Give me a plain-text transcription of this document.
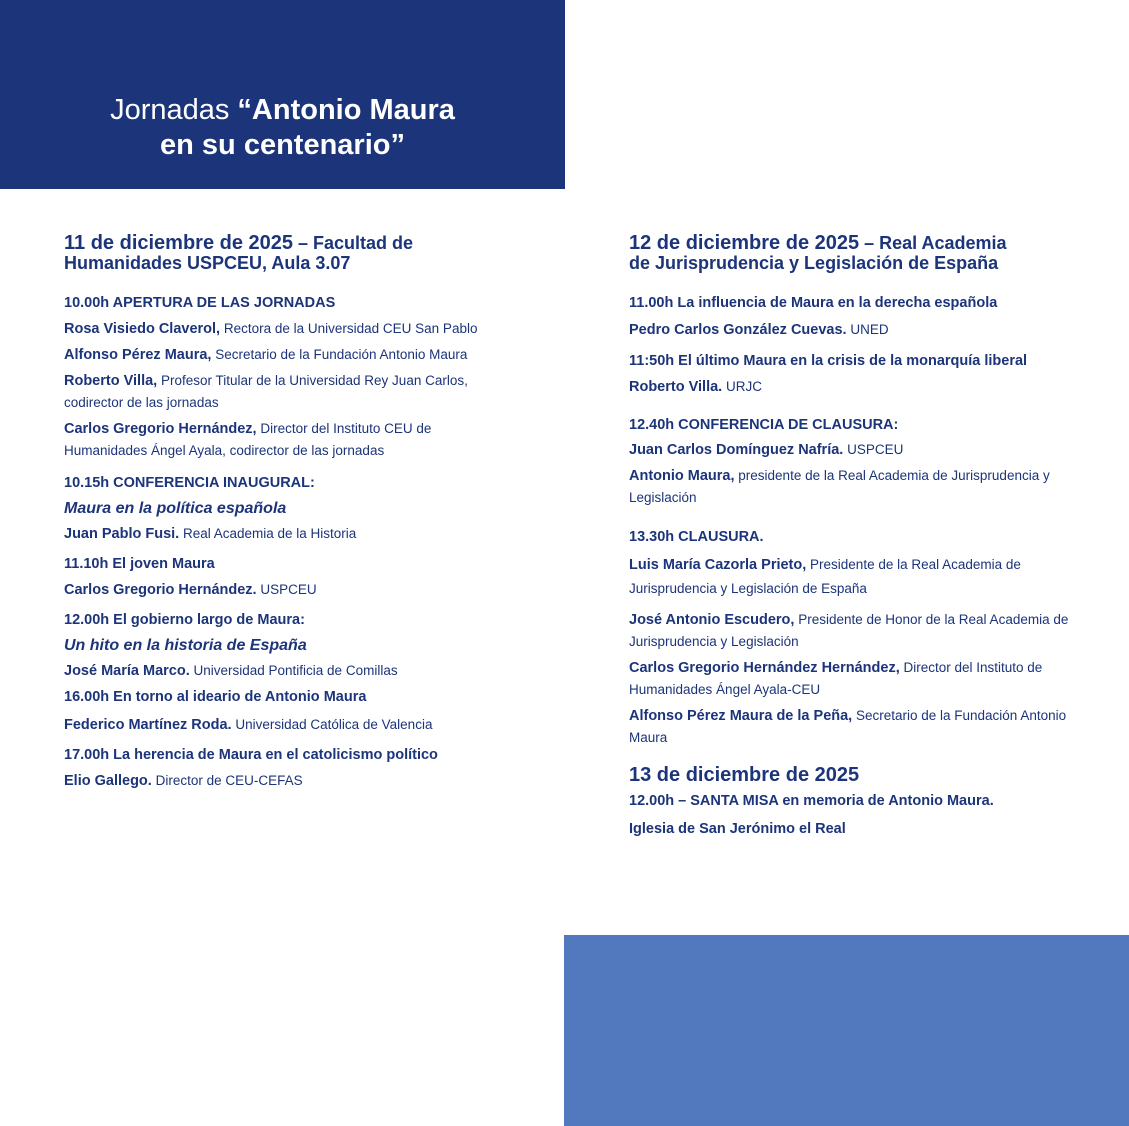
Jornadas “Antonio Maura
en su centenario”
11 de diciembre de 2025 – Facultad de
Humanidades USPCEU, Aula 3.07
10.00h APERTURA DE LAS JORNADAS
Rosa Visiedo Claverol, Rectora de la Universidad CEU San Pablo
Alfonso Pérez Maura, Secretario de la Fundación Antonio Maura
Roberto Villa, Profesor Titular de la Universidad Rey Juan Carlos, codirector de las jornadas
Carlos Gregorio Hernández, Director del Instituto CEU de Humanidades Ángel Ayala, codirector de las jornadas
10.15h CONFERENCIA INAUGURAL:
Maura en la política española
Juan Pablo Fusi. Real Academia de la Historia
11.10h El joven Maura
Carlos Gregorio Hernández. USPCEU
12.00h El gobierno largo de Maura:
Un hito en la historia de España
José María Marco. Universidad Pontificia de Comillas
16.00h En torno al ideario de Antonio Maura
Federico Martínez Roda. Universidad Católica de Valencia
17.00h La herencia de Maura en el catolicismo político
Elio Gallego. Director de CEU-CEFAS
12 de diciembre de 2025 – Real Academia
de Jurisprudencia y Legislación de España
11.00h La influencia de Maura en la derecha española
Pedro Carlos González Cuevas. UNED
11:50h El último Maura en la crisis de la monarquía liberal
Roberto Villa. URJC
12.40h CONFERENCIA DE CLAUSURA:
Juan Carlos Domínguez Nafría. USPCEU
Antonio Maura, presidente de la Real Academia de Jurisprudencia y Legislación
13.30h CLAUSURA.
Luis María Cazorla Prieto, Presidente de la Real Academia de Jurisprudencia y Legislación de España
José Antonio Escudero, Presidente de Honor de la Real Academia de Jurisprudencia y Legislación
Carlos Gregorio Hernández Hernández, Director del Instituto de Humanidades Ángel Ayala-CEU
Alfonso Pérez Maura de la Peña, Secretario de la Fundación Antonio Maura
13 de diciembre de 2025
12.00h – SANTA MISA en memoria de Antonio Maura.
Iglesia de San Jerónimo el Real
